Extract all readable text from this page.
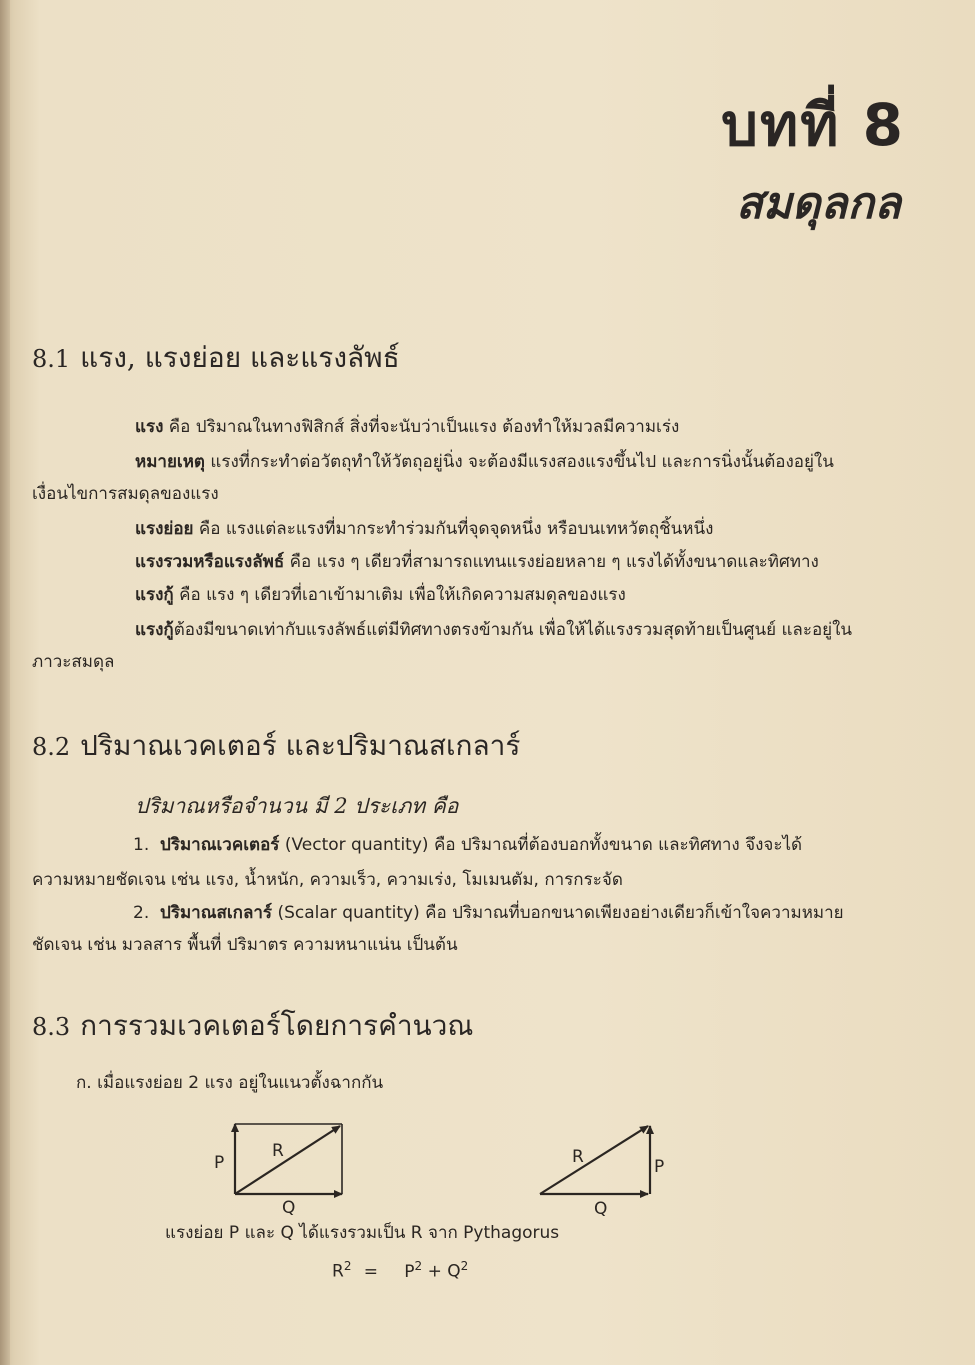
บทที่ 8
สมดุลกล
8.1 แรง, แรงย่อย และแรงลัพธ์

แรง คือ ปริมาณในทางฟิสิกส์ สิ่งที่จะนับว่าเป็นแรง ต้องทำให้มวลมีความเร่ง

หมายเหตุ แรงที่กระทำต่อวัตถุทำให้วัตถุอยู่นิ่ง จะต้องมีแรงสองแรงขึ้นไป และการนิ่งนั้นต้องอยู่ใน

เงื่อนไขการสมดุลของแรง

แรงย่อย คือ แรงแต่ละแรงที่มากระทำร่วมกันที่จุดจุดหนึ่ง หรือบนเทหวัตถุชิ้นหนึ่ง

แรงรวมหรือแรงลัพธ์ คือ แรง ๆ เดียวที่สามารถแทนแรงย่อยหลาย ๆ แรงได้ทั้งขนาดและทิศทาง

แรงกู้ คือ แรง ๆ เดียวที่เอาเข้ามาเติม เพื่อให้เกิดความสมดุลของแรง

แรงกู้ต้องมีขนาดเท่ากับแรงลัพธ์แต่มีทิศทางตรงข้ามกัน เพื่อให้ได้แรงรวมสุดท้ายเป็นศูนย์ และอยู่ใน

ภาวะสมดุล

8.2 ปริมาณเวคเตอร์ และปริมาณสเกลาร์

ปริมาณหรือจำนวน มี 2 ประเภท คือ

1. ปริมาณเวคเตอร์ (Vector quantity) คือ ปริมาณที่ต้องบอกทั้งขนาด และทิศทาง จึงจะได้

ความหมายชัดเจน เช่น แรง, น้ำหนัก, ความเร็ว, ความเร่ง, โมเมนตัม, การกระจัด

2. ปริมาณสเกลาร์ (Scalar quantity) คือ ปริมาณที่บอกขนาดเพียงอย่างเดียวก็เข้าใจความหมาย

ชัดเจน เช่น มวลสาร พื้นที่ ปริมาตร ความหนาแน่น เป็นต้น

8.3 การรวมเวคเตอร์โดยการคำนวณ

ก. เมื่อแรงย่อย 2 แรง อยู่ในแนวตั้งฉากกัน

P
R
Q
R	P
Q

แรงย่อย P และ Q ได้แรงรวมเป็น R จาก Pythagorus

$R^2 = P^2 + Q^2$
